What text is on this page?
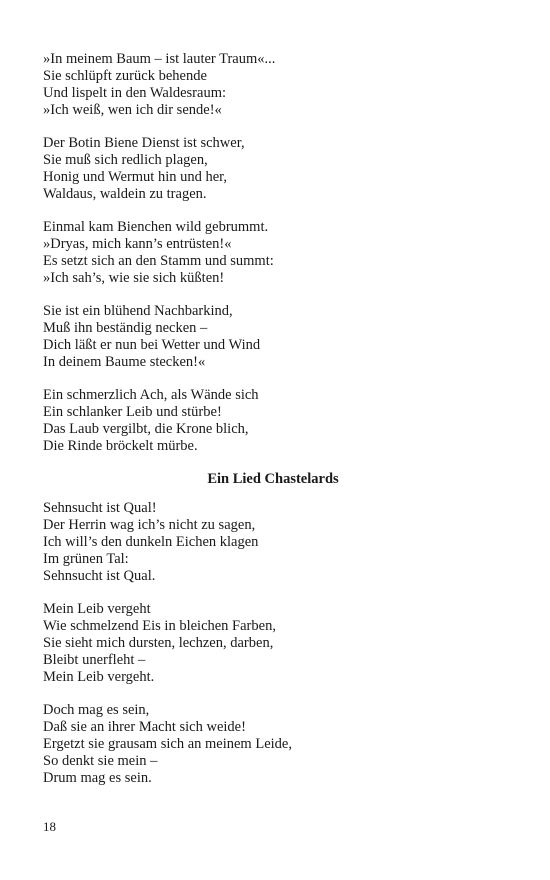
»In meinem Baum – ist lauter Traum«...
Sie schlüpft zurück behende
Und lispelt in den Waldesraum:
»Ich weiß, wen ich dir sende!«
Der Botin Biene Dienst ist schwer,
Sie muß sich redlich plagen,
Honig und Wermut hin und her,
Waldaus, waldein zu tragen.
Einmal kam Bienchen wild gebrummt.
»Dryas, mich kann’s entrüsten!«
Es setzt sich an den Stamm und summt:
»Ich sah’s, wie sie sich küßten!
Sie ist ein blühend Nachbarkind,
Muß ihn beständig necken –
Dich läßt er nun bei Wetter und Wind
In deinem Baume stecken!«
Ein schmerzlich Ach, als Wände sich
Ein schlanker Leib und stürbe!
Das Laub vergilbt, die Krone blich,
Die Rinde bröckelt mürbe.
Ein Lied Chastelards
Sehnsucht ist Qual!
Der Herrin wag ich’s nicht zu sagen,
Ich will’s den dunkeln Eichen klagen
Im grünen Tal:
Sehnsucht ist Qual.
Mein Leib vergeht
Wie schmelzend Eis in bleichen Farben,
Sie sieht mich dursten, lechzen, darben,
Bleibt unerfleht –
Mein Leib vergeht.
Doch mag es sein,
Daß sie an ihrer Macht sich weide!
Ergetzt sie grausam sich an meinem Leide,
So denkt sie mein –
Drum mag es sein.
18
